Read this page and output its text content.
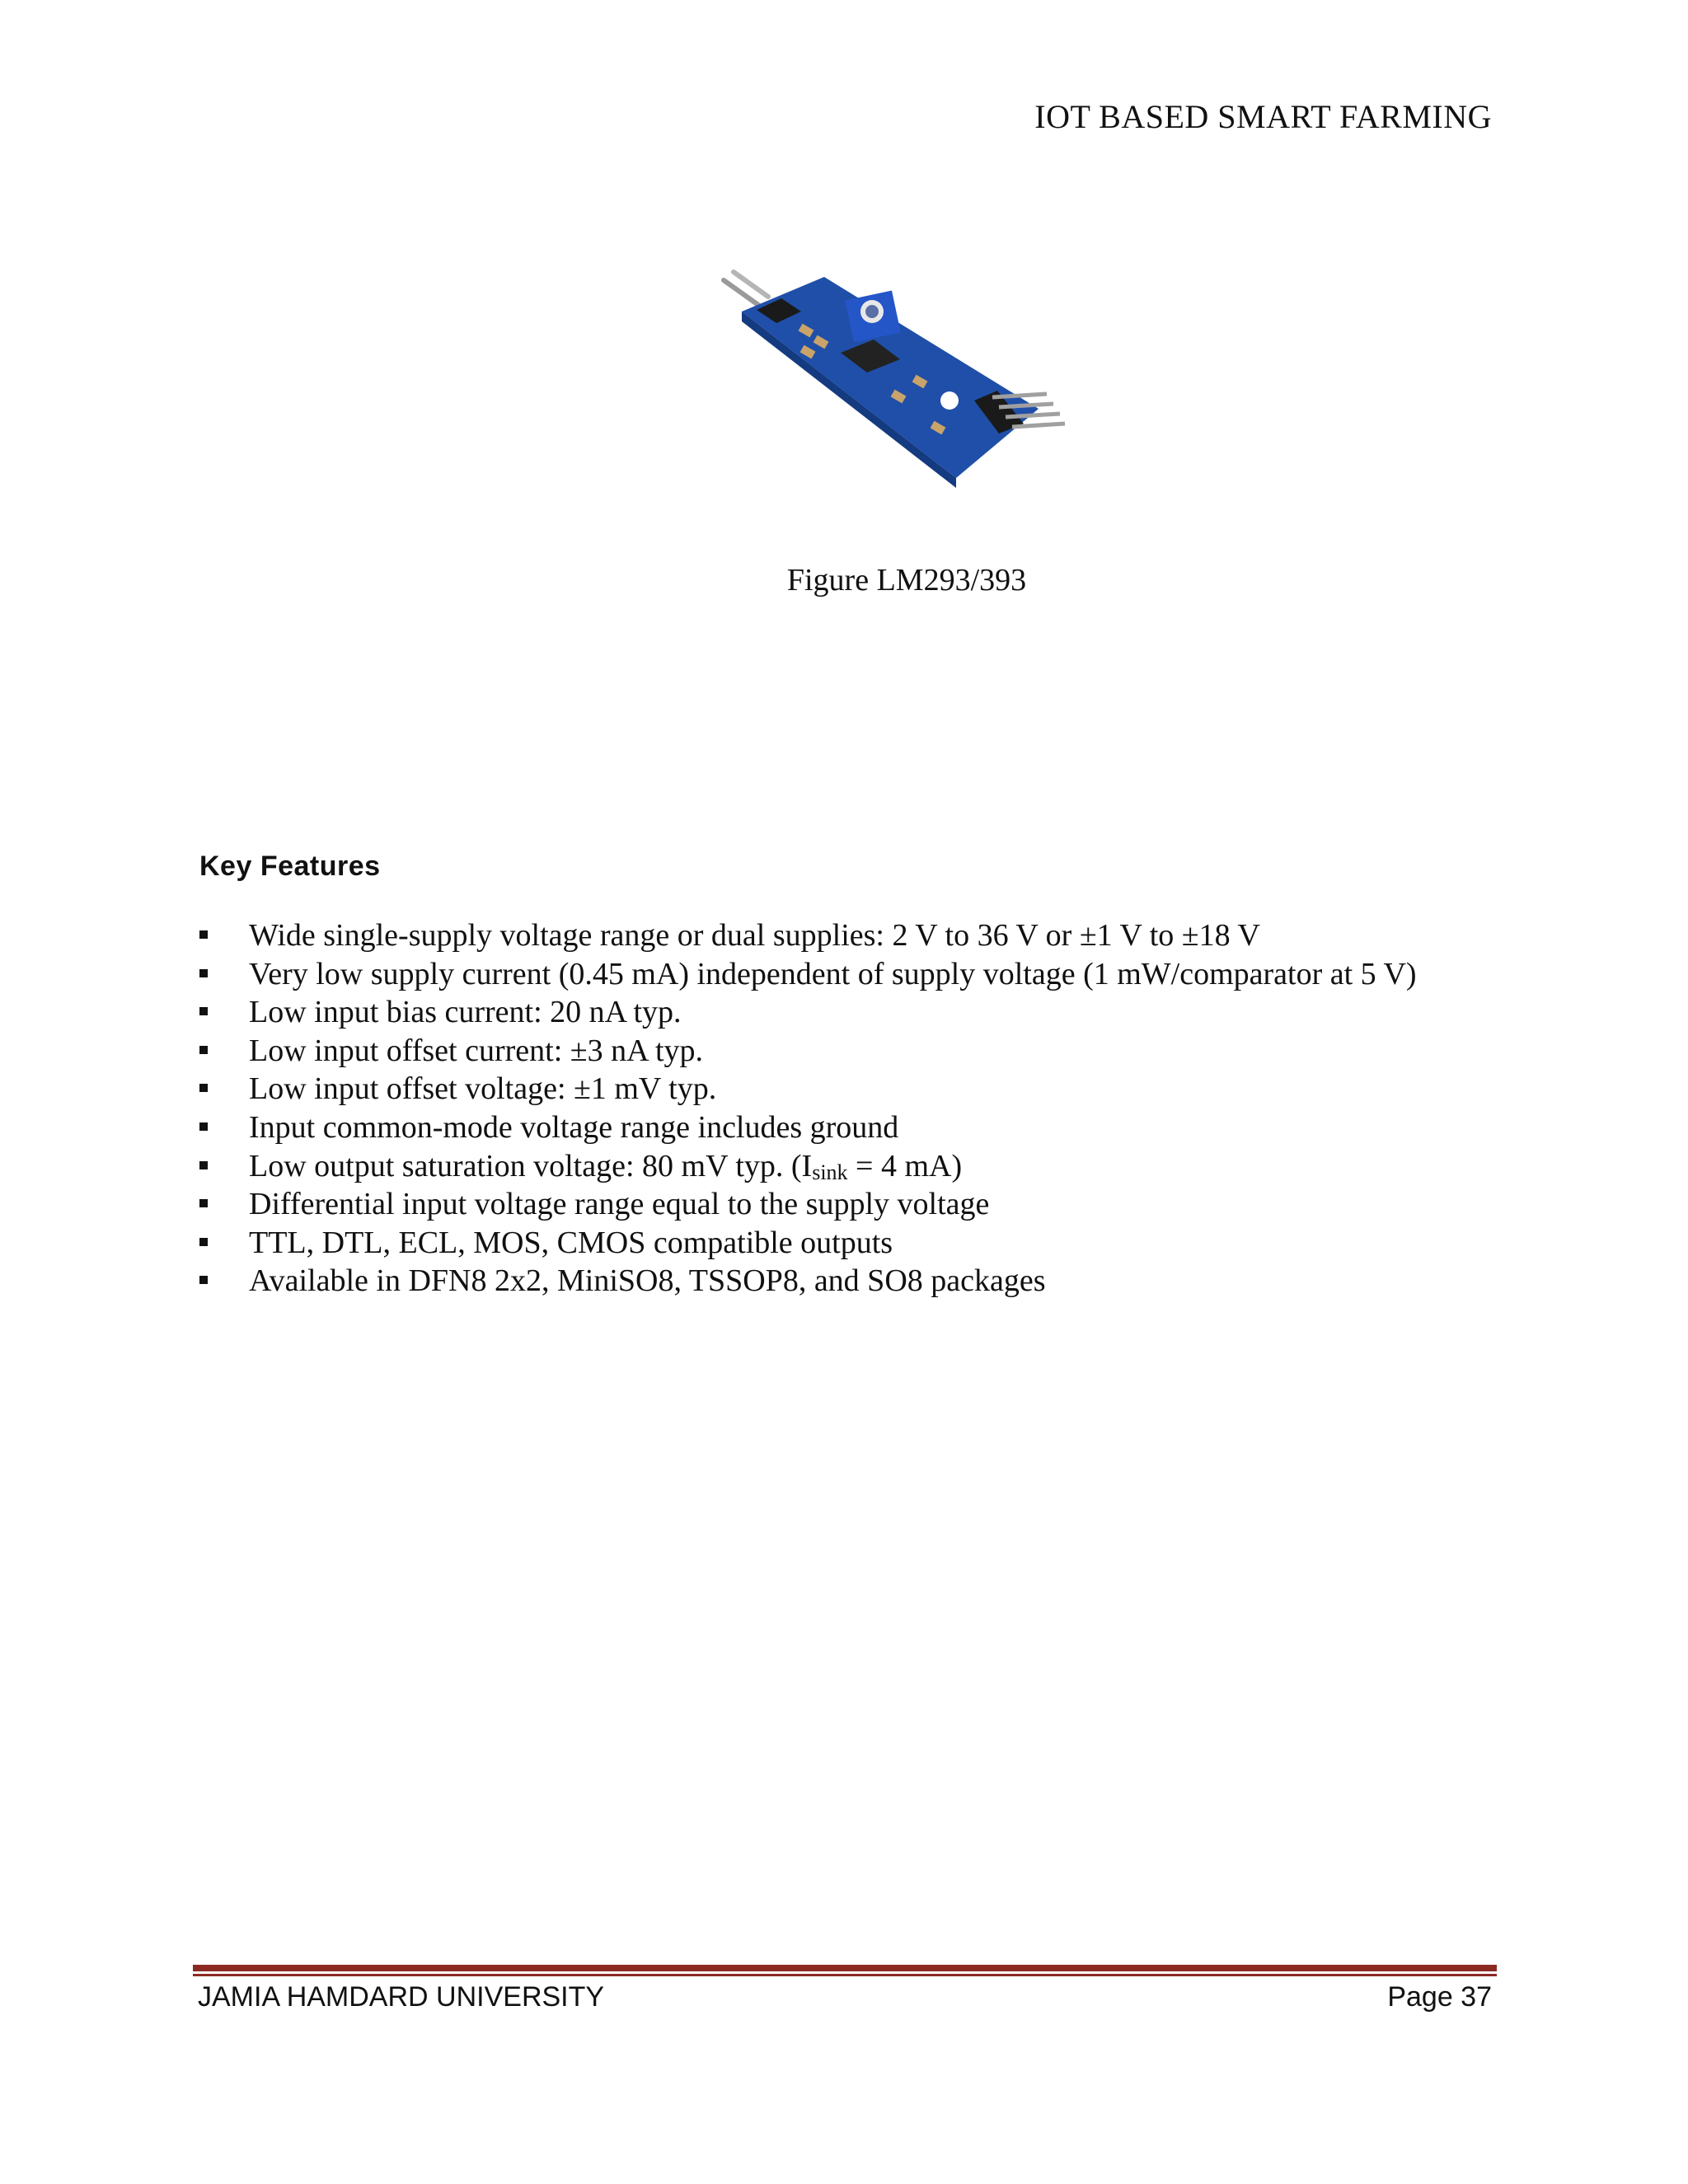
IOT BASED SMART FARMING
Figure LM293/393
Key Features
Wide single-supply voltage range or dual supplies: 2 V to 36 V or ±1 V to ±18 V
Very low supply current (0.45 mA) independent of supply voltage (1 mW/comparator at 5 V)
Low input bias current: 20 nA typ.
Low input offset current: ±3 nA typ.
Low input offset voltage: ±1 mV typ.
Input common-mode voltage range includes ground
Low output saturation voltage: 80 mV typ. ($I_{sink} = 4$ mA)
Differential input voltage range equal to the supply voltage
TTL, DTL, ECL, MOS, CMOS compatible outputs
Available in DFN8 2x2, MiniSO8, TSSOP8, and SO8 packages
JAMIA HAMDARD UNIVERSITY	Page 37
